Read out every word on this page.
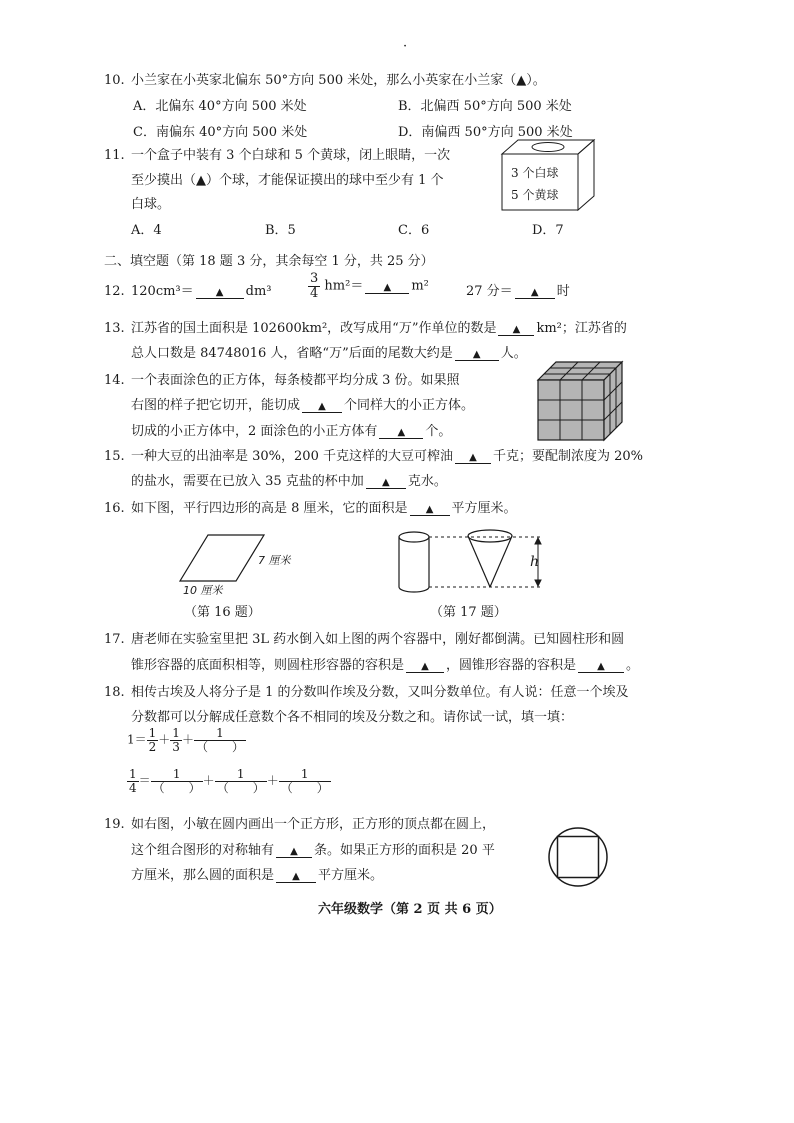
·
10. 小兰家在小英家北偏东 50°方向 500 米处，那么小英家在小兰家（▲）。
A．北偏东 40°方向 500 米处	B．北偏西 50°方向 500 米处
C．南偏东 40°方向 500 米处	D．南偏西 50°方向 500 米处
11. 一个盒子中装有 3 个白球和 5 个黄球，闭上眼睛，一次
至少摸出（▲）个球，才能保证摸出的球中至少有 1 个
白球。
A．4	B．5	C．6	D．7
3 个白球
5 个黄球
二、填空题（第 18 题 3 分，其余每空 1 分，共 25 分）
12. 120cm³＝ ▲ dm³	$\frac{3}{4} hm^2=$ ▲ m²	27 分＝ ▲ 时
13. 江苏省的国土面积是 102600km²，改写成用“万”作单位的数是 ▲ km²；江苏省的
总人口数是 84748016 人，省略“万”后面的尾数大约是 ▲ 人。
14. 一个表面涂色的正方体，每条棱都平均分成 3 份。如果照
右图的样子把它切开，能切成 ▲ 个同样大的小正方体。
切成的小正方体中，2 面涂色的小正方体有 ▲ 个。
15. 一种大豆的出油率是 30%，200 千克这样的大豆可榨油 ▲ 千克；要配制浓度为 20%
的盐水，需要在已放入 35 克盐的杯中加 ▲ 克水。
16. 如下图，平行四边形的高是 8 厘米，它的面积是 ▲ 平方厘米。
7 厘米
10 厘米
（第 16 题）
h
（第 17 题）
17. 唐老师在实验室里把 3L 药水倒入如上图的两个容器中，刚好都倒满。已知圆柱形和圆
锥形容器的底面积相等，则圆柱形容器的容积是 ▲ ，圆锥形容器的容积是 ▲ 。
18. 相传古埃及人将分子是 1 的分数叫作埃及分数，又叫分数单位。有人说：任意一个埃及
分数都可以分解成任意数个各不相同的埃及分数之和。请你试一试，填一填：
$1= \frac{1}{2} + \frac{1}{3} + \frac{1}{( )}$
$\frac{1}{4} = \frac{1}{( )} + \frac{1}{( )} + \frac{1}{( )}$
19. 如右图，小敏在圆内画出一个正方形，正方形的顶点都在圆上，
这个组合图形的对称轴有 ▲ 条。如果正方形的面积是 20 平
方厘米，那么圆的面积是 ▲ 平方厘米。
六年级数学（第 2 页 共 6 页）
